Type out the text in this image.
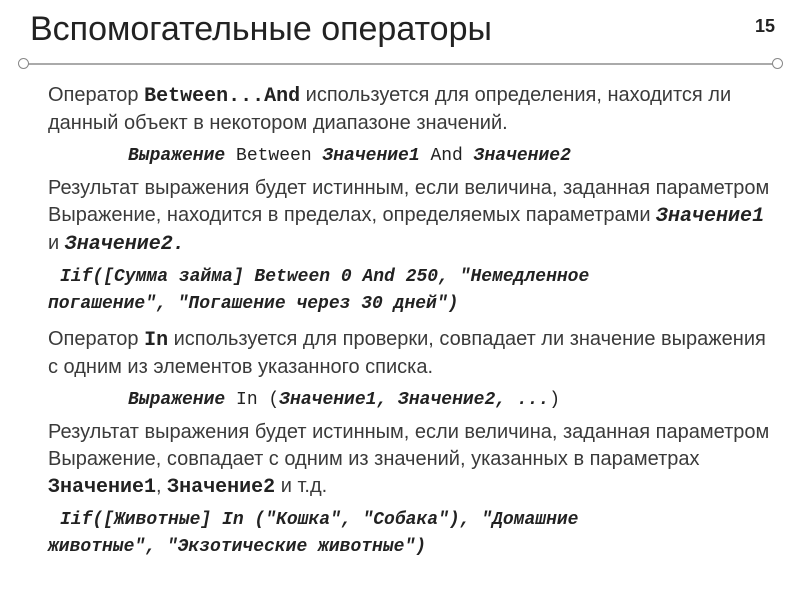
Вспомогательные операторы	15

Оператор Between...And используется для определения, находится ли данный объект в некотором диапазоне значений.

Выражение Between Значение1 And Значение2

Результат выражения будет истинным, если величина, заданная параметром Выражение, находится в пределах, определяемых параметрами Значение1 и Значение2.

Iif([Сумма займа] Between 0 And 250, "Немедленное
погашение", "Погашение через 30 дней")

Оператор In используется для проверки, совпадает ли значение выражения с одним из элементов указанного списка.

Выражение In (Значение1, Значение2, ...)

Результат выражения будет истинным, если величина, заданная параметром Выражение, совпадает с одним из значений, указанных в параметрах Значение1, Значение2 и т.д.

Iif([Животные] In ("Кошка", "Собака"), "Домашние
животные", "Экзотические животные")
